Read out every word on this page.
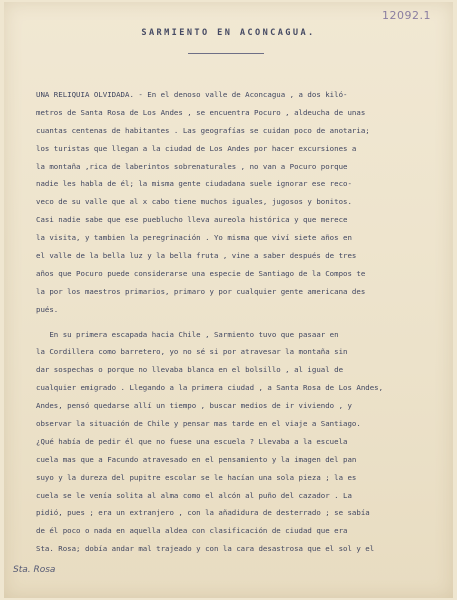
12092.1
SARMIENTO EN ACONCAGUA.
UNA RELIQUIA OLVIDADA. - En el denoso valle de Aconcagua , a dos kiló-
metros de Santa Rosa de Los Andes , se encuentra Pocuro , aldeucha de unas
cuantas centenas de habitantes . Las geografías se cuidan poco de anotaria;
los turistas que llegan a la ciudad de Los Andes por hacer excursiones a
la montaña ,rica de laberintos sobrenaturales , no van a Pocuro porque
nadie les habla de él; la misma gente ciudadana suele ignorar ese reco-
veco de su valle que al x cabo tiene muchos iguales, jugosos y bonitos.
Casi nadie sabe que ese pueblucho lleva aureola histórica y que merece
la visita, y tambien la peregrinación . Yo misma que viví siete años en
el valle de la bella luz y la bella fruta , vine a saber después de tres
años que Pocuro puede considerarse una especie de Santiago de la Compos te
la por los maestros primarios, primaro y por cualquier gente americana des
pués.
En su primera escapada hacia Chile , Sarmiento tuvo que pasaar en
la Cordillera como barretero, yo no sé si por atravesar la montaña sin
dar sospechas o porque no llevaba blanca en el bolsillo , al igual de
cualquier emigrado . Llegando a la primera ciudad , a Santa Rosa de Los Andes,
Andes, pensó quedarse allí un tiempo , buscar medios de ir viviendo , y
observar la situación de Chile y pensar mas tarde en el viaje a Santiago.
¿Qué había de pedir él que no fuese una escuela ? Llevaba a la escuela
cuela mas que a Facundo atravesado en el pensamiento y la imagen del pan
suyo y la dureza del pupitre escolar se le hacían una sola pieza ; la es
cuela se le venía solita al alma como el alcón al puño del cazador . La
pidió, pues ; era un extranjero , con la añadidura de desterrado ; se sabía
de él poco o nada en aquella aldea con clasificación de ciudad que era
Sta. Rosa; dobía andar mal trajeado y con la cara desastrosa que el sol y el
Sta. Rosa
